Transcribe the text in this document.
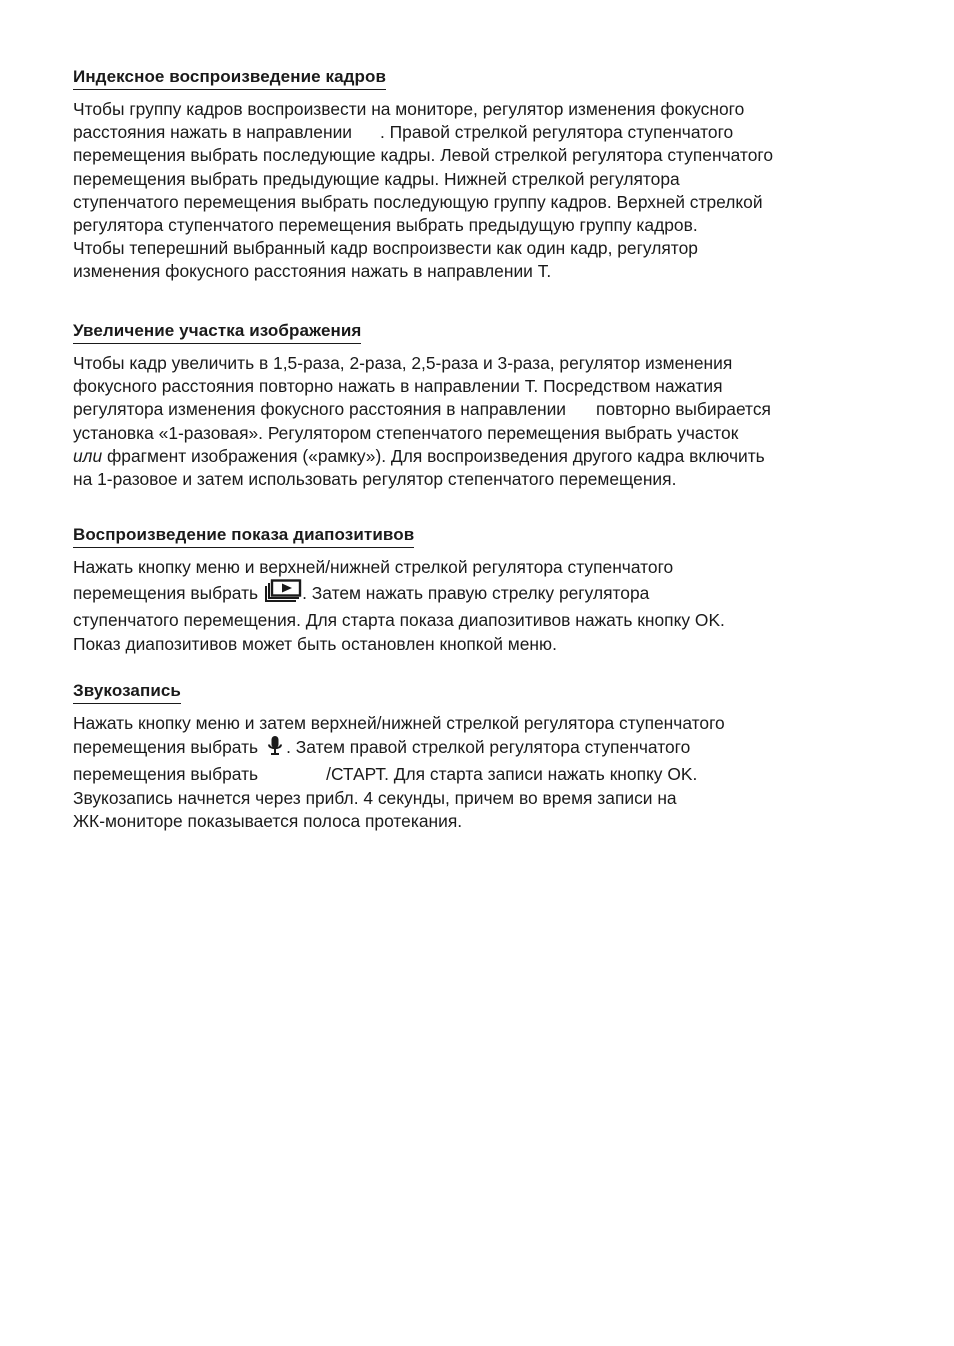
Индексное воспроизведение кадров
Чтобы группу кадров воспроизвести на мониторе, регулятор изменения фокусного
расстояния нажать в направлении . Правой стрелкой регулятора ступенчатого
перемещения выбрать последующие кадры. Левой стрелкой регулятора ступенчатого
перемещения выбрать предыдующие кадры. Нижней стрелкой регулятора
ступенчатого перемещения выбрать последующую группу кадров. Верхней стрелкой
регулятора ступенчатого перемещения выбрать предыдущую группу кадров.
Чтобы теперешний выбранный кадр воспроизвести как один кадр, регулятор
изменения фокусного расстояния нажать в направлении T.
Увеличение участка изображения
Чтобы кадр увеличить в 1,5-раза, 2-раза, 2,5-раза и 3-раза, регулятор изменения
фокусного расстояния повторно нажать в направлении T. Посредством нажатия
регулятора изменения фокусного расстояния в направлении повторно выбирается
установка «1-разовая». Регулятором степенчатого перемещения выбрать участок
или фрагмент изображения («рамку»). Для воспроизведения другого кадра включить
на 1-разовое и затем использовать регулятор степенчатого перемещения.
Воспроизведение показа диапозитивов
Нажать кнопку меню и верхней/нижней стрелкой регулятора ступенчатого
перемещения выбрать	. Затем нажать правую стрелку регулятора
ступенчатого перемещения. Для старта показа диапозитивов нажать кнопку OK.
Показ диапозитивов может быть остановлен кнопкой меню.
Звукозапись
Нажать кнопку меню и затем верхней/нижней стрелкой регулятора ступенчатого
перемещения выбрать . Затем правой стрелкой регулятора ступенчатого
перемещения выбрать	/СТАРТ. Для старта записи нажать кнопку OK.
Звукозапись начнется через прибл. 4 секунды, причем во время записи на
ЖК-мониторе показывается полоса протекания.
